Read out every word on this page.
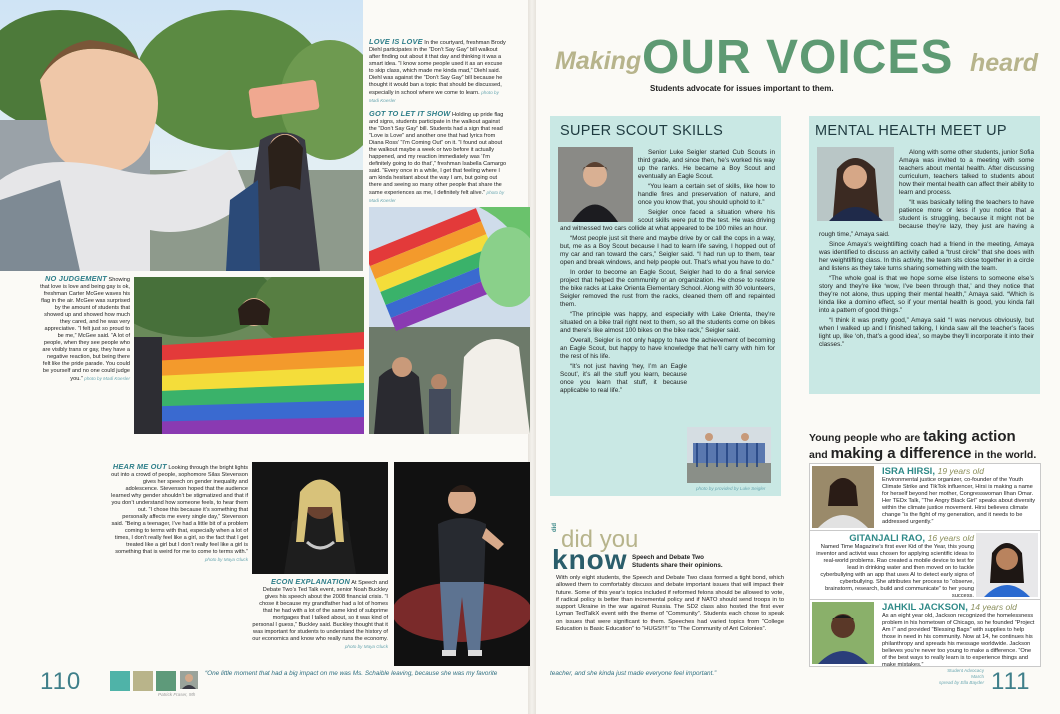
LOVE IS LOVE In the courtyard, freshman Brody Diehl participates in the “Don’t Say Gay” bill walkout after finding out about it that day and thinking it was a smart idea. “I know some people used it as an excuse to skip class, which made me kinda mad,” Diehl said. Diehl was against the “Don’t Say Gay” bill because he thought it would ban a topic that should be discussed, especially in school where we come to learn. photo by Madi Koesler
GOT TO LET IT SHOW Holding up pride flag and signs, students participate in the walkout against the “Don’t Say Gay” bill. Students had a sign that read “Love is Love” and another one that had lyrics from Diana Ross’ “I’m Coming Out” on it. “I found out about the walkout maybe a week or two before it actually happened, and my reaction immediately was ‘I’m definitely going to do that’,” freshman Isabella Camargo said. “Every once in a while, I get that feeling where I am kinda hesitant about the way I am, but going out there and seeing so many other people that share the same experiences as me, I definitely felt alive.” photo by Madi Koesler
NO JUDGEMENT Showing that love is love and being gay is ok, freshman Carter McGee waves his flag in the air. McGee was surprised by the amount of students that showed up and showed how much they cared, and he was very appreciative. “I felt just so proud to be me,” McGee said. “A lot of people, when they see people who are visibly trans or gay, they have a negative reaction, but being there felt like the pride parade. You could be yourself and no one could judge you.” photo by Madi Koesler
HEAR ME OUT Looking through the bright lights out into a crowd of people, sophomore Silas Stevenson gives her speech on gender inequality and adolescence. Stevenson hoped that the audience learned why gender shouldn’t be stigmatized and that if you don’t understand how someone feels, to hear them out. “I chose this because it’s something that personally affects me every single day,” Stevenson said. “Being a teenager, I’ve had a little bit of a problem coming to terms with that, especially when a lot of times, I don’t really feel like a girl, so the fact that I get treated like a girl but I don’t really feel like a girl is something that is weird for me to come to terms with.” photo by Maya Gluck
ECON EXPLANATION At Speech and Debate Two’s Ted Talk event, senior Noah Buckley gives his speech about the 2008 financial crisis. “I chose it because my grandfather had a lot of homes that he had with a lot of the same kind of subprime mortgages that I talked about, so it was kind of personal I guess,” Buckley said. Buckley thought that it was important for students to understand the history of our economics and know who really runs the economy. photo by Maya Gluck
110	Patrick Fraser, 9th
“One little moment that had a big impact on me was Ms. Schaible leaving, because she was my favorite
Making OUR VOICES heard
Students advocate for issues important to them.
SUPER SCOUT SKILLS

Senior Luke Seigler started Cub Scouts in third grade, and since then, he’s worked his way up the ranks. He became a Boy Scout and eventually an Eagle Scout.

“You learn a certain set of skills, like how to handle fires and preservation of nature, and once you know that, you should uphold to it.”

Seigler once faced a situation where his scout skills were put to the test. He was driving and witnessed two cars collide at what appeared to be 100 miles an hour.

“Most people just sit there and maybe drive by or call the cops in a way, but, me as a Boy Scout because I had to learn life saving, I hopped out of my car and ran toward the cars,” Seigler said. “I had run up to them, tear open and break windows, and help people out. That’s what you have to do.”

In order to become an Eagle Scout, Seigler had to do a final service project that helped the community or an organization. He chose to restore the bike racks at Lake Orienta Elementary School. Along with 30 volunteers, Seigler removed the rust from the racks, cleaned them off and repainted them.

“The principle was happy, and especially with Lake Orienta, they’re situated on a bike trail right next to them, so all the students come on bikes and there’s like almost 100 bikes on the bike rack,” Seigler said.

Overall, Seigler is not only happy to have the achievement of becoming an Eagle Scout, but happy to have knowledge that he’ll carry with him for the rest of his life.

“It’s not just having ‘hey, I’m an Eagle Scout’, it’s all the stuff you learn, because once you learn that stuff, it because applicable to real life.”

photo by provided by Luke Seigler
MENTAL HEALTH MEET UP

Along with some other students, junior Sofia Amaya was invited to a meeting with some teachers about mental health. After discussing curriculum, teachers talked to students about how their mental health can affect their ability to learn and process.

“It was basically telling the teachers to have patience more or less if you notice that a student is struggling, because it might not be because they’re lazy, they just are having a rough time,” Amaya said.

Since Amaya’s weightlifting coach had a friend in the meeting, Amaya was identified to discuss an activity called a “trust circle” that she does with her weightlifting class. In this activity, the team sits close together in a circle and listens as they take turns sharing something with the team.

“The whole goal is that we hope some else listens to someone else’s story and they’re like ‘wow, I’ve been through that,’ and they notice that they’re not alone, thus upping their mental health,” Amaya said. “Which is kinda like a domino effect, so if your mental health is good, you kinda fall into a pattern of good things.”

“I think it was pretty good,” Amaya said “I was nervous obviously, but when I walked up and I finished talking, I kinda saw all the teacher’s faces light up, like ‘oh, that’s a good idea’, so maybe they’ll incorporate it into their classes.”

did did you
know Speech and Debate Two Students share their opinions.
With only eight students, the Speech and Debate Two class formed a tight bond, which allowed them to comfortably discuss and debate important issues that will impact their future. Some of this year’s topics included if reformed felons should be allowed to vote, if radical policy is better than incremental policy and if NATO should send troops in to support Ukraine in the war against Russia. The SD2 class also hosted the first ever Lyman TedTalkX event with the theme of “Community”. Students each chose to speak on issues that were significant to them. Speeches had varied topics from “College Education is Basic Education” to “HUGS!!!!” to “The Community of Ant Colonies”.
Young people who are taking action
and making a difference in the world.
ISRA HIRSI, 19 years old
Environmental justice organizer, co-founder of the Youth Climate Strike and TikTok influencer, Hirsi is making a name for herself beyond her mother, Congresswoman Ilhan Omar. Her TEDx Talk, “The Angry Black Girl” speaks about diversity within the climate justice movement. Hirsi believes climate change “is the fight of my generation, and it needs to be addressed urgently.”
GITANJALI RAO, 16 years old
Named Time Magazine’s first ever Kid of the Year, this young inventor and activist was chosen for applying scientific ideas to real-world problems. Rao created a mobile device to test for lead in drinking water and then moved on to tackle cyberbullying with an app that uses AI to detect early signs of cyberbullying. She attributes her process to “observe, brainstorm, research, build and communicate” to her young success.
JAHKIL JACKSON, 14 years old
As an eight year old, Jackson recognized the homelessness problem in his hometown of Chicago, so he founded “Project Am I” and provided “Blessing Bags” with supplies to help those in need in his community. Now at 14, he continues his philanthropy and spreads his message worldwide. Jackson believes you’re never too young to make a difference. “One of the best ways to really learn is to experience things and make mistakes.”
teacher, and she kinda just made everyone feel important.”	Student Advocacy
March
spread by Ella Bayder 111
